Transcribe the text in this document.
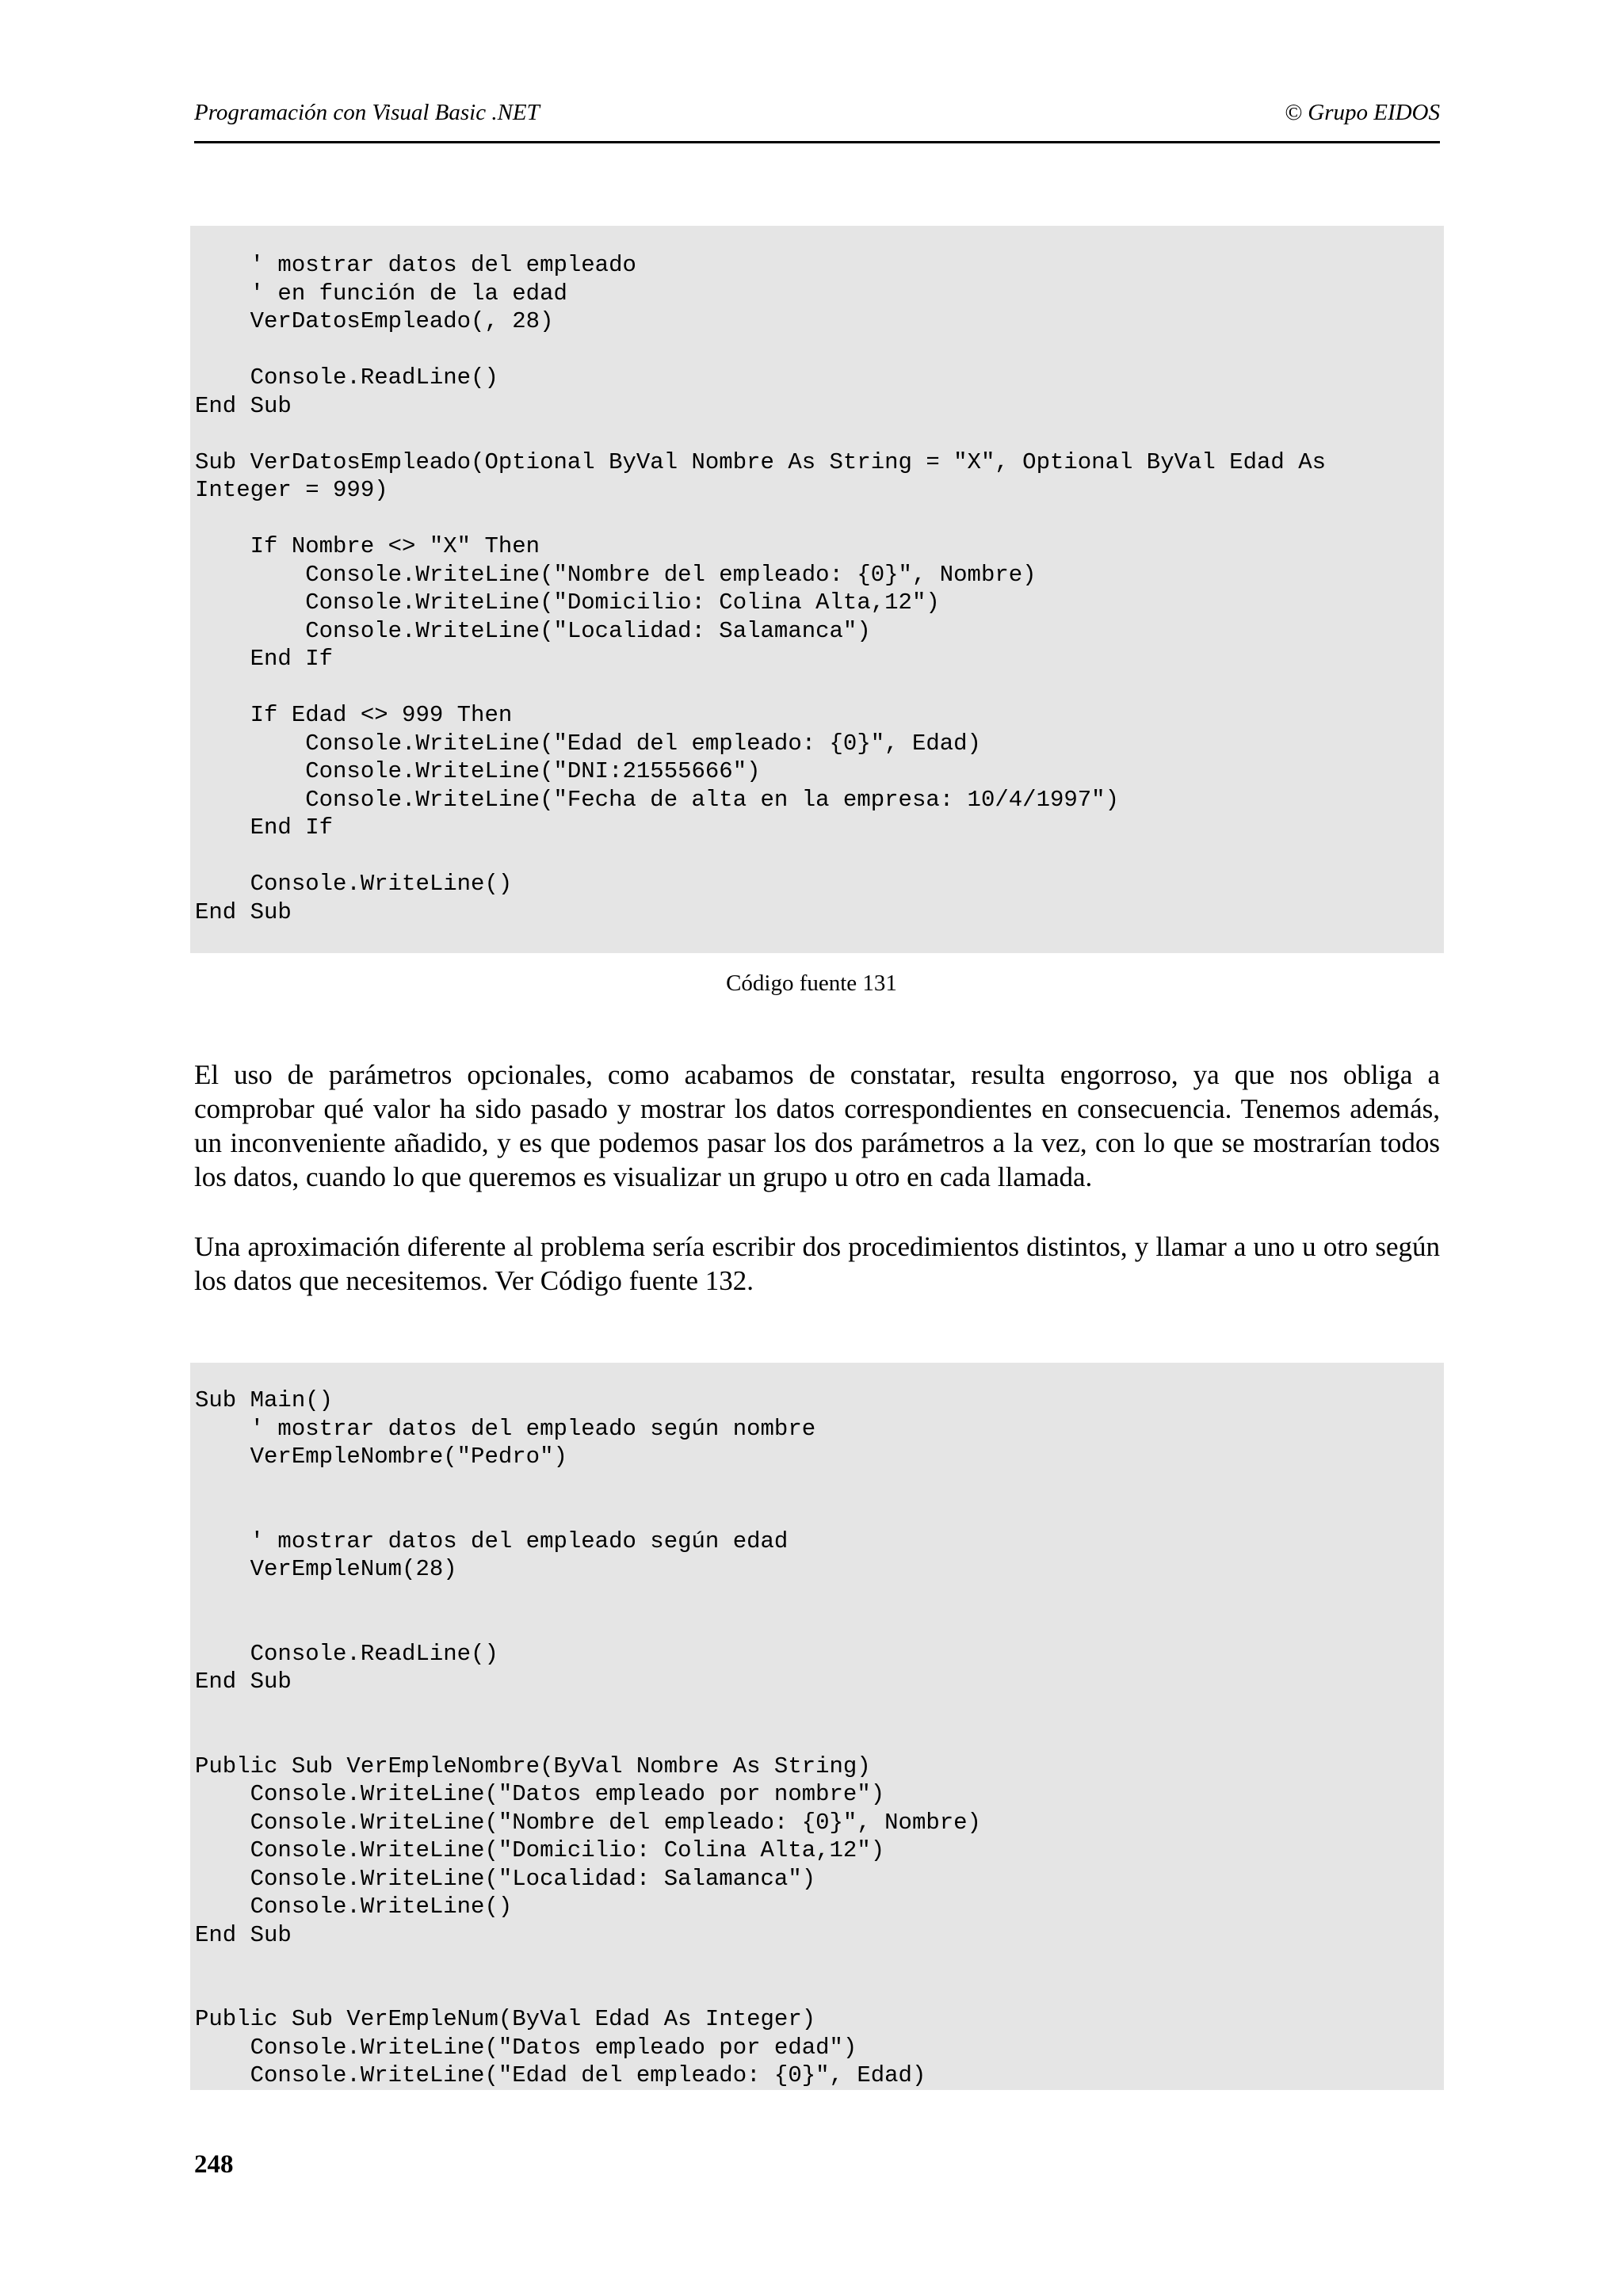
Programación con Visual Basic .NET	© Grupo EIDOS
' mostrar datos del empleado
' en función de la edad
VerDatosEmpleado(, 28)

Console.ReadLine()
End Sub

Sub VerDatosEmpleado(Optional ByVal Nombre As String = "X", Optional ByVal Edad As
Integer = 999)

If Nombre <> "X" Then
Console.WriteLine("Nombre del empleado: {0}", Nombre)
Console.WriteLine("Domicilio: Colina Alta,12")
Console.WriteLine("Localidad: Salamanca")
End If

If Edad <> 999 Then
Console.WriteLine("Edad del empleado: {0}", Edad)
Console.WriteLine("DNI:21555666")
Console.WriteLine("Fecha de alta en la empresa: 10/4/1997")
End If

Console.WriteLine()
End Sub
Código fuente 131

El uso de parámetros opcionales, como acabamos de constatar, resulta engorroso, ya que nos obliga a comprobar qué valor ha sido pasado y mostrar los datos correspondientes en consecuencia. Tenemos además, un inconveniente añadido, y es que podemos pasar los dos parámetros a la vez, con lo que se mostrarían todos los datos, cuando lo que queremos es visualizar un grupo u otro en cada llamada.

Una aproximación diferente al problema sería escribir dos procedimientos distintos, y llamar a uno u otro según los datos que necesitemos. Ver Código fuente 132.

Sub Main()
' mostrar datos del empleado según nombre
VerEmpleNombre("Pedro")

' mostrar datos del empleado según edad
VerEmpleNum(28)

Console.ReadLine()
End Sub

Public Sub VerEmpleNombre(ByVal Nombre As String)
Console.WriteLine("Datos empleado por nombre")
Console.WriteLine("Nombre del empleado: {0}", Nombre)
Console.WriteLine("Domicilio: Colina Alta,12")
Console.WriteLine("Localidad: Salamanca")
Console.WriteLine()
End Sub

Public Sub VerEmpleNum(ByVal Edad As Integer)
Console.WriteLine("Datos empleado por edad")
Console.WriteLine("Edad del empleado: {0}", Edad)
248
